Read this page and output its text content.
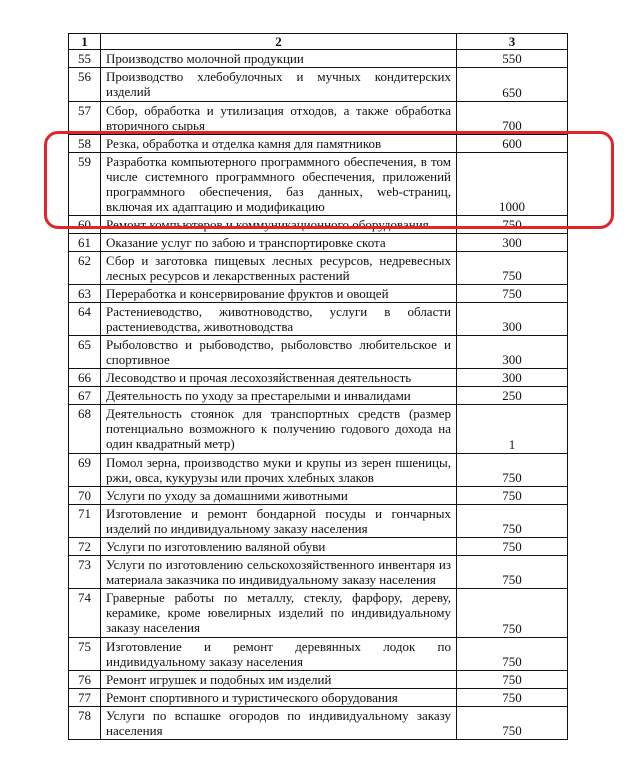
1	2	3
55	Производство молочной продукции	550
56	Производство хлебобулочных и мучных кондитерских изделий	650
57	Сбор, обработка и утилизация отходов, а также обработка вторичного сырья	700
58	Резка, обработка и отделка камня для памятников	600
59	Разработка компьютерного программного обеспечения, в том числе системного программного обеспечения, приложений программного обеспечения, баз данных, web-страниц, включая их адаптацию и модификацию	1000
60	Ремонт компьютеров и коммуникационного оборудования	750
61	Оказание услуг по забою и транспортировке скота	300
62	Сбор и заготовка пищевых лесных ресурсов, недревесных лесных ресурсов и лекарственных растений	750
63	Переработка и консервирование фруктов и овощей	750
64	Растениеводство, животноводство, услуги в области растениеводства, животноводства	300
65	Рыболовство и рыбоводство, рыболовство любительское и спортивное	300
66	Лесоводство и прочая лесохозяйственная деятельность	300
67	Деятельность по уходу за престарелыми и инвалидами	250
68	Деятельность стоянок для транспортных средств (размер потенциально возможного к получению годового дохода на один квадратный метр)	1
69	Помол зерна, производство муки и крупы из зерен пшеницы, ржи, овса, кукурузы или прочих хлебных злаков	750
70	Услуги по уходу за домашними животными	750
71	Изготовление и ремонт бондарной посуды и гончарных изделий по индивидуальному заказу населения	750
72	Услуги по изготовлению валяной обуви	750
73	Услуги по изготовлению сельскохозяйственного инвентаря из материала заказчика по индивидуальному заказу населения	750
74	Граверные работы по металлу, стеклу, фарфору, дереву, керамике, кроме ювелирных изделий по индивидуальному заказу населения	750
75	Изготовление и ремонт деревянных лодок по индивидуальному заказу населения	750
76	Ремонт игрушек и подобных им изделий	750
77	Ремонт спортивного и туристического оборудования	750
78	Услуги по вспашке огородов по индивидуальному заказу населения	750
